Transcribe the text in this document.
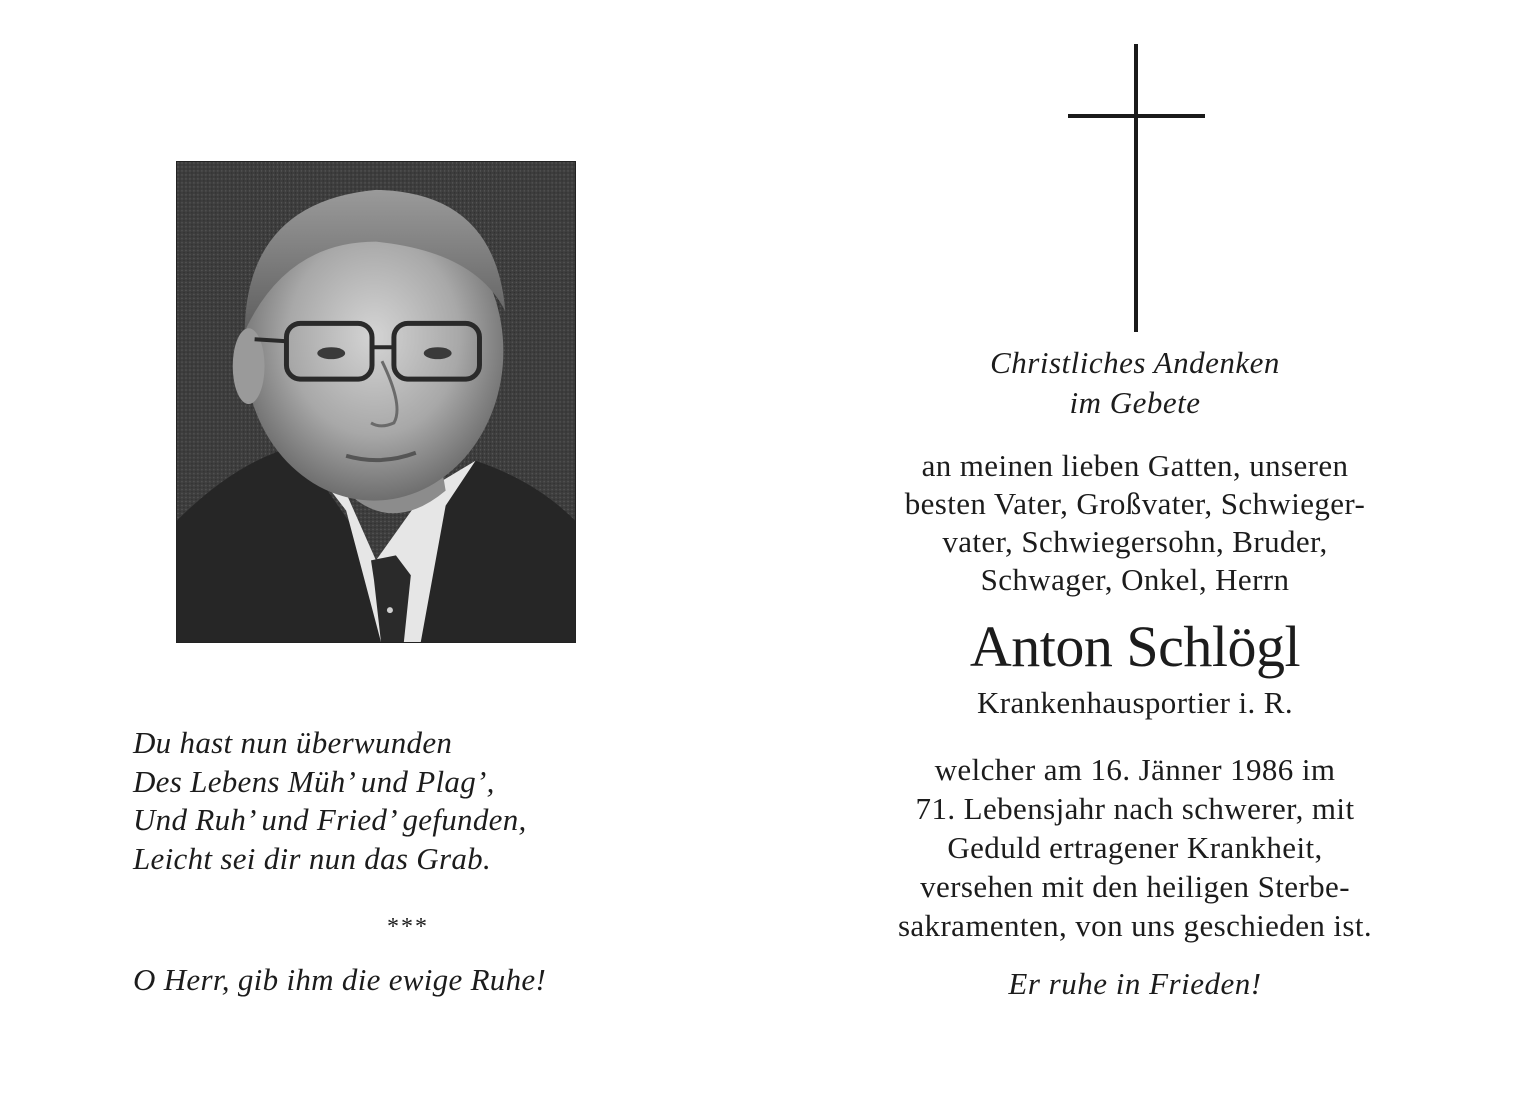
Du hast nun überwunden
Des Lebens Müh’ und Plag’,
Und Ruh’ und Fried’ gefunden,
Leicht sei dir nun das Grab.
***
O Herr, gib ihm die ewige Ruhe!
Christliches Andenken
im Gebete
an meinen lieben Gatten, unseren
besten Vater, Großvater, Schwieger-
vater, Schwiegersohn, Bruder,
Schwager, Onkel, Herrn
Anton Schlögl
Krankenhausportier i. R.
welcher am 16. Jänner 1986 im
71. Lebensjahr nach schwerer, mit
Geduld ertragener Krankheit,
versehen mit den heiligen Sterbe-
sakramenten, von uns geschieden ist.
Er ruhe in Frieden!
